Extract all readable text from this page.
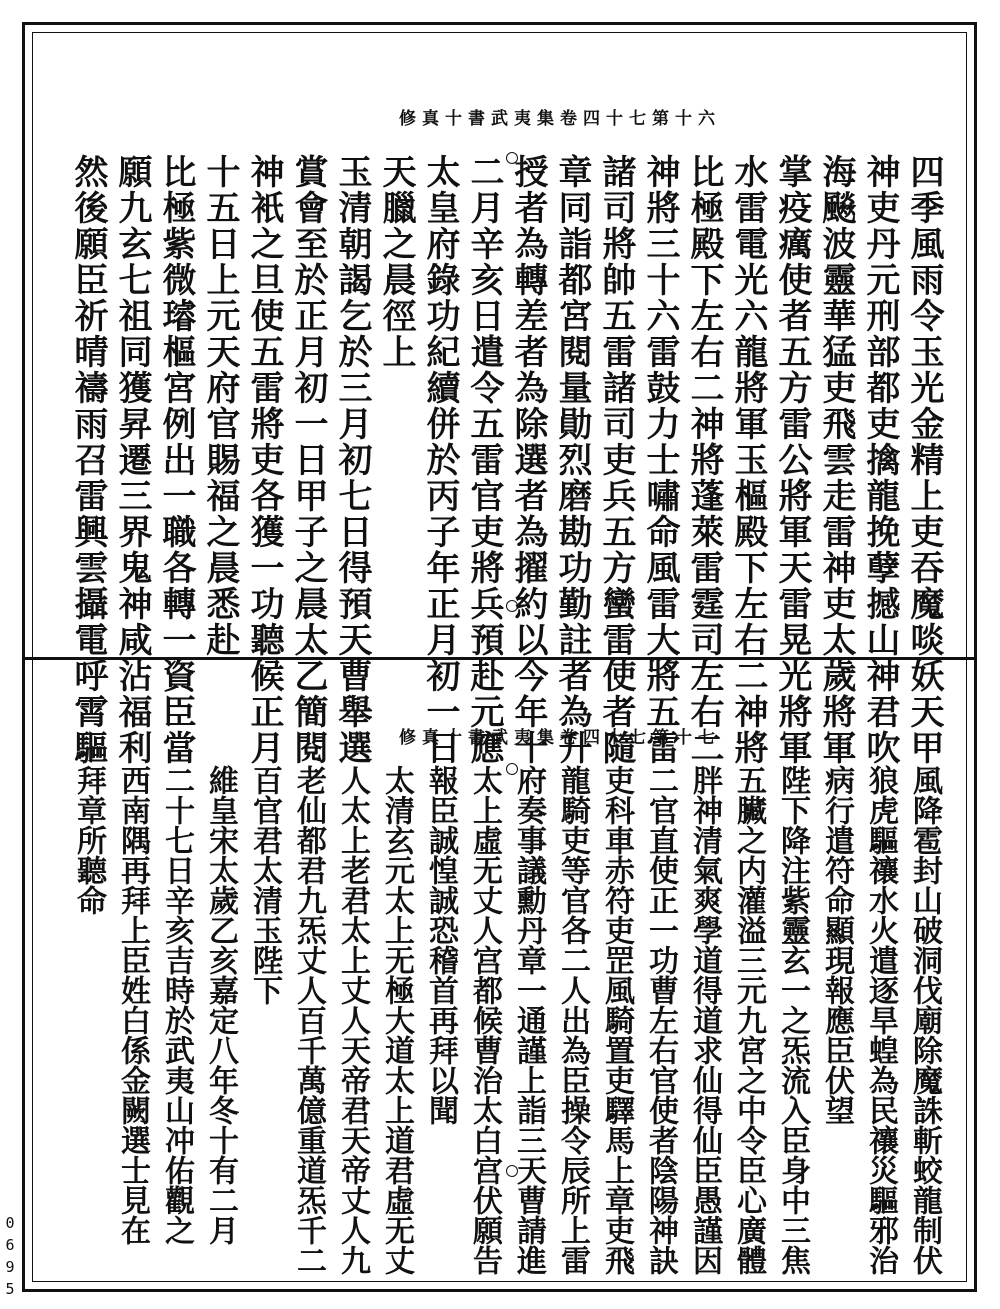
修真十書武夷集卷四十七第十六
四季風雨令玉光金精上吏吞魔啖妖天甲
神吏丹元刑部都吏擒龍挽孽撼山神君吹
海飈波靈華猛吏飛雲走雷神吏太歲將軍
掌疫癘使者五方雷公將軍天雷晃光將軍
水雷電光六龍將軍玉樞殿下左右二神將
比極殿下左右二神將蓬萊雷霆司左右二
神將三十六雷鼓力士嘯命風雷大將五雷
諸司將帥五雷諸司吏兵五方蠻雷使者隨
章同詣都宮閱量勛烈磨勘功勤註者為升
授者為轉差者為除選者為擢約以今年十
二月辛亥日遣令五雷官吏將兵預赴元應
太皇府錄功紀續併於丙子年正月初一日
天臘之晨徑上
玉清朝謁乞於三月初七日得預天曹舉選
賞會至於正月初一日甲子之晨太乙簡閱
神衹之旦使五雷將吏各獲一功聽候正月
十五日上元天府官賜福之晨悉赴
比極紫微璿樞宮例出一職各轉一資臣當
願九玄七祖同獲昇遷三界鬼神咸沾福利
然後願臣祈晴禱雨召雷興雲攝電呼霄驅	修真十書武夷集卷四十七第十七
風降雹封山破洞伐廟除魔誅斬蛟龍制伏
狼虎驅禳水火遣逐旱蝗為民禳災驅邪治
病行遣符命顯現報應臣伏望
陛下降注紫靈玄一之炁流入臣身中三焦
五臟之内灌溢三元九宮之中令臣心廣體
胖神清氣爽學道得道求仙得仙臣愚謹因
二官直使正一功曹左右官使者陰陽神訣
吏科車赤符吏罡風騎置吏驛馬上章吏飛
龍騎吏等官各二人出為臣操令辰所上雷
府奏事議勳丹章一通謹上詣三天曹請進
太上虛无丈人宫都候曹治太白宫伏願告
報臣誠惶誠恐稽首再拜以聞
太清玄元太上无極大道太上道君虛无丈
人太上老君太上丈人天帝君天帝丈人九
老仙都君九炁丈人百千萬億重道炁千二
百官君太清玉陛下
維皇宋太歲乙亥嘉定八年冬十有二月
二十七日辛亥吉時於武夷山冲佑觀之
西南隅再拜上臣姓白係金闕選士見在
拜章所聽命
0695
